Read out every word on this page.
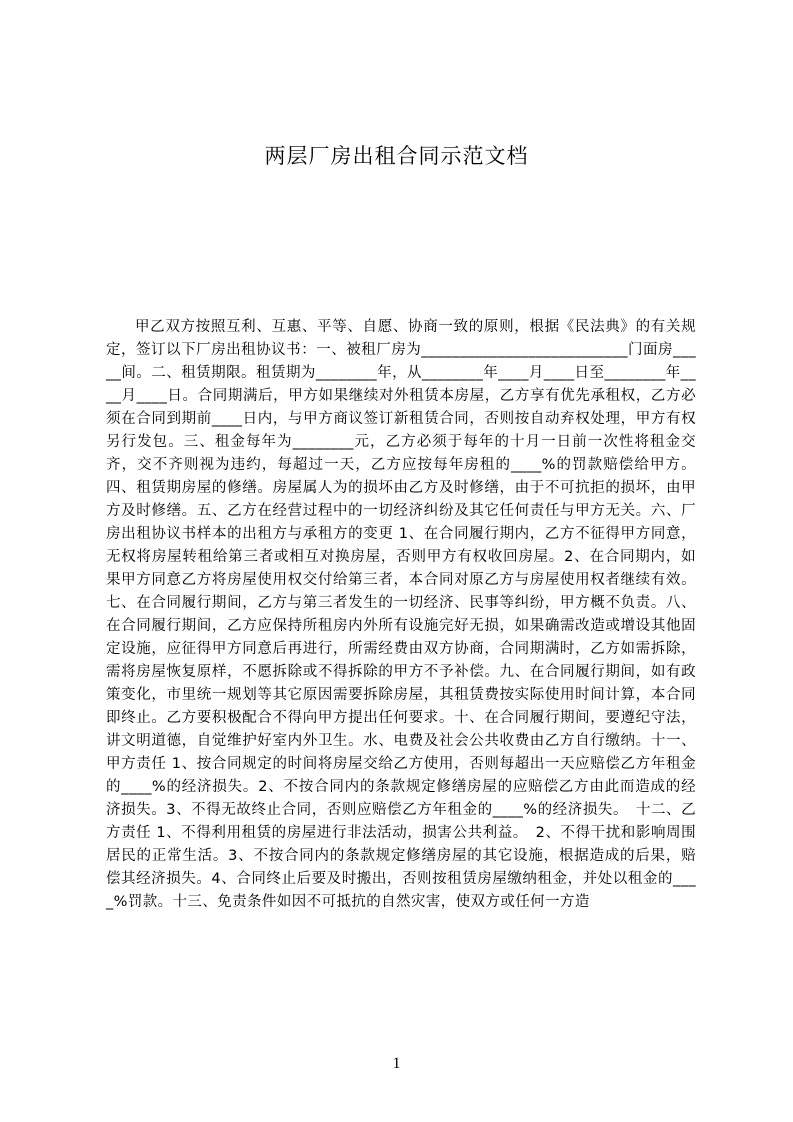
两层厂房出租合同示范文档

甲乙双方按照互利、互惠、平等、自愿、协商一致的原则，根据《民法典》的有关规定，签订以下厂房出租协议书：一、被租厂房为___________________________门面房_____间。二、租赁期限。租赁期为________年，从________年____月____日至________年____月____日。合同期满后，甲方如果继续对外租赁本房屋，乙方享有优先承租权，乙方必须在合同到期前____日内，与甲方商议签订新租赁合同，否则按自动弃权处理，甲方有权另行发包。三、租金每年为________元，乙方必须于每年的十月一日前一次性将租金交齐，交不齐则视为违约，每超过一天，乙方应按每年房租的____%的罚款赔偿给甲方。四、租赁期房屋的修缮。房屋属人为的损坏由乙方及时修缮，由于不可抗拒的损坏，由甲方及时修缮。五、乙方在经营过程中的一切经济纠纷及其它任何责任与甲方无关。六、厂房出租协议书样本的出租方与承租方的变更 1、在合同履行期内，乙方不征得甲方同意，无权将房屋转租给第三者或相互对换房屋，否则甲方有权收回房屋。2、在合同期内，如果甲方同意乙方将房屋使用权交付给第三者，本合同对原乙方与房屋使用权者继续有效。七、在合同履行期间，乙方与第三者发生的一切经济、民事等纠纷，甲方概不负责。八、在合同履行期间，乙方应保持所租房内外所有设施完好无损，如果确需改造或增设其他固定设施，应征得甲方同意后再进行，所需经费由双方协商，合同期满时，乙方如需拆除，需将房屋恢复原样，不愿拆除或不得拆除的甲方不予补偿。九、在合同履行期间，如有政策变化，市里统一规划等其它原因需要拆除房屋，其租赁费按实际使用时间计算，本合同即终止。乙方要积极配合不得向甲方提出任何要求。十、在合同履行期间，要遵纪守法，讲文明道德，自觉维护好室内外卫生。水、电费及社会公共收费由乙方自行缴纳。十一、甲方责任 1、按合同规定的时间将房屋交给乙方使用，否则每超出一天应赔偿乙方年租金的____%的经济损失。2、不按合同内的条款规定修缮房屋的应赔偿乙方由此而造成的经济损失。3、不得无故终止合同，否则应赔偿乙方年租金的____%的经济损失。　十二、乙方责任 1、不得利用租赁的房屋进行非法活动，损害公共利益。　2、不得干扰和影响周围居民的正常生活。3、不按合同内的条款规定修缮房屋的其它设施，根据造成的后果，赔偿其经济损失。4、合同终止后要及时搬出，否则按租赁房屋缴纳租金，并处以租金的____%罚款。十三、免责条件如因不可抵抗的自然灾害，使双方或任何一方造

1
